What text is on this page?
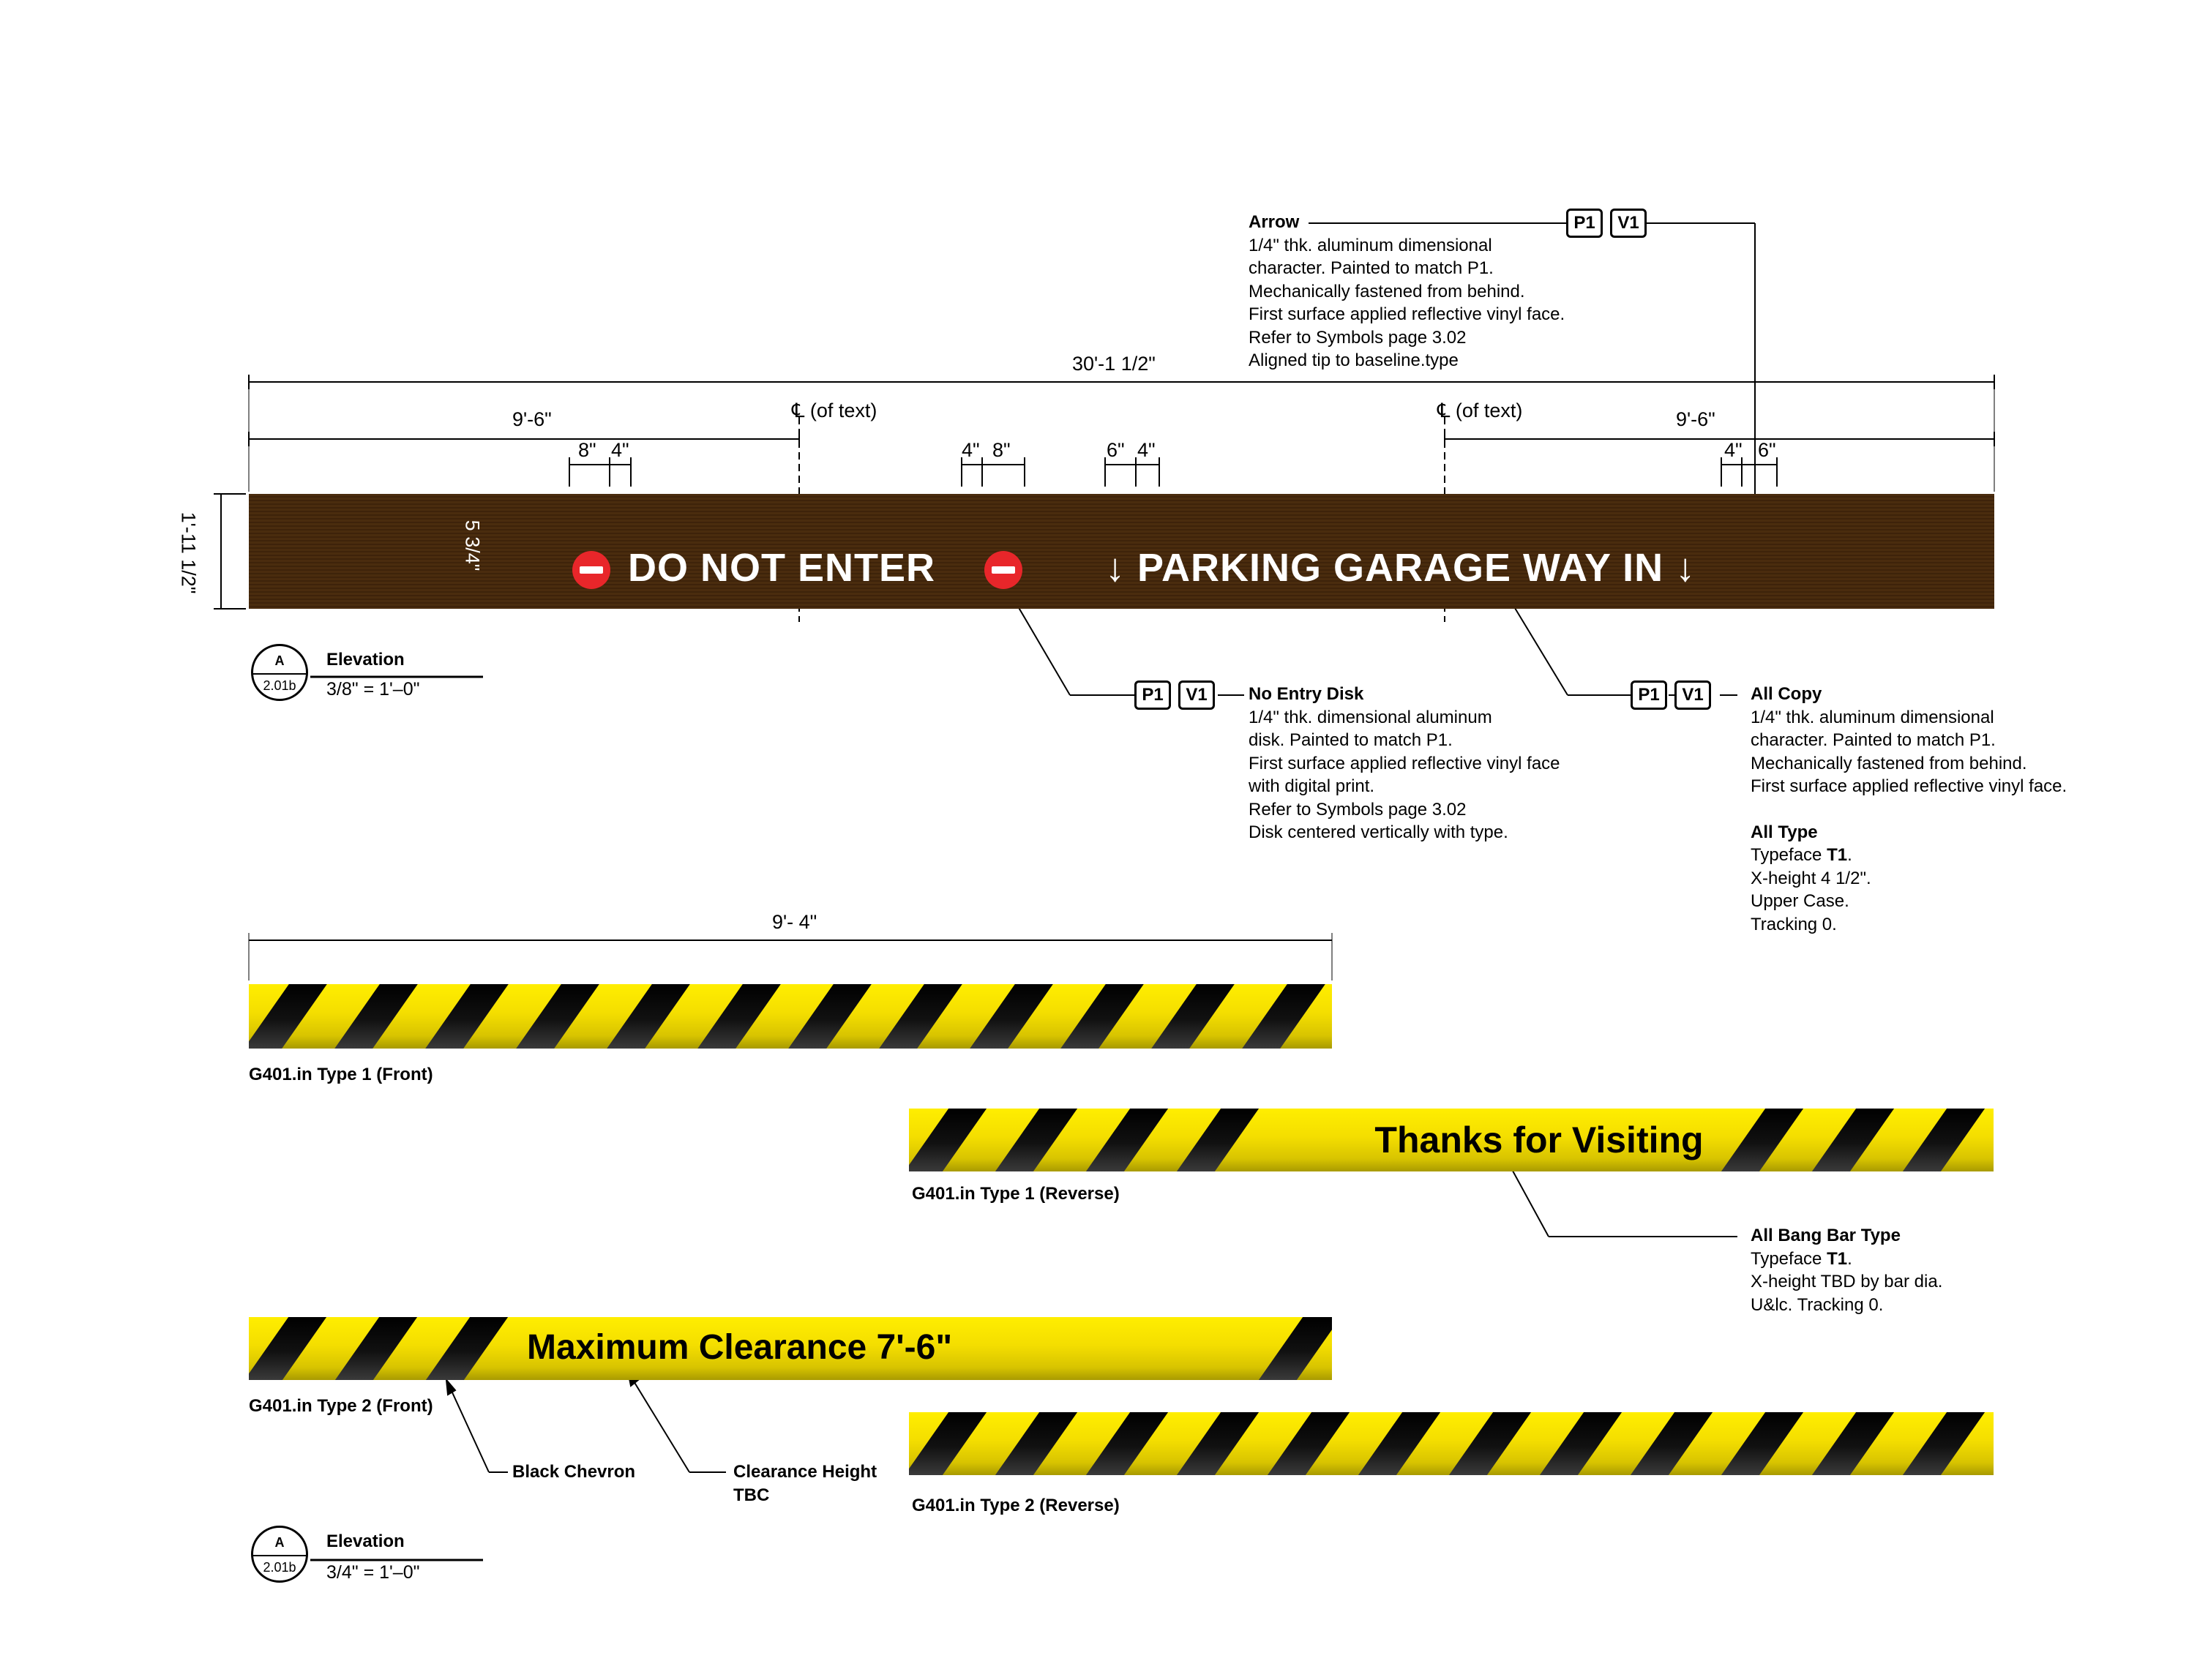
DO NOT ENTER	↓ PARKING GARAGE WAY IN ↓
30'-1 1/2"
9'-6"	℄ (of text)	℄ (of text)	9'-6"
8" 4"	4" 8"	6" 4"	4" 6"
1'-11 1/2"	5 3/4"
9'- 4"
P1	V1
P1	V1	P1	V1
Arrow
1/4" thk. aluminum dimensional
character. Painted to match P1.
Mechanically fastened from behind.
First surface applied reflective vinyl face.
Refer to Symbols page 3.02
Aligned tip to baseline.type
No Entry Disk
1/4" thk. dimensional aluminum
disk. Painted to match P1.
First surface applied reflective vinyl face
with digital print.
Refer to Symbols page 3.02
Disk centered vertically with type.
All Copy
1/4" thk. aluminum dimensional
character. Painted to match P1.
Mechanically fastened from behind.
First surface applied reflective vinyl face.
All Type
Typeface T1.
X-height 4 1/2".
Upper Case.
Tracking 0.
A
2.01b
Elevation
3/8" = 1'–0"
G401.in Type 1 (Front)
Thanks for Visiting
G401.in Type 1 (Reverse)
All Bang Bar Type
Typeface T1.
X-height TBD by bar dia.
U&lc. Tracking 0.
Maximum Clearance 7'-6"
G401.in Type 2 (Front)
Black Chevron	Clearance Height
TBC
G401.in Type 2 (Reverse)
A
2.01b
Elevation
3/4" = 1'–0"
